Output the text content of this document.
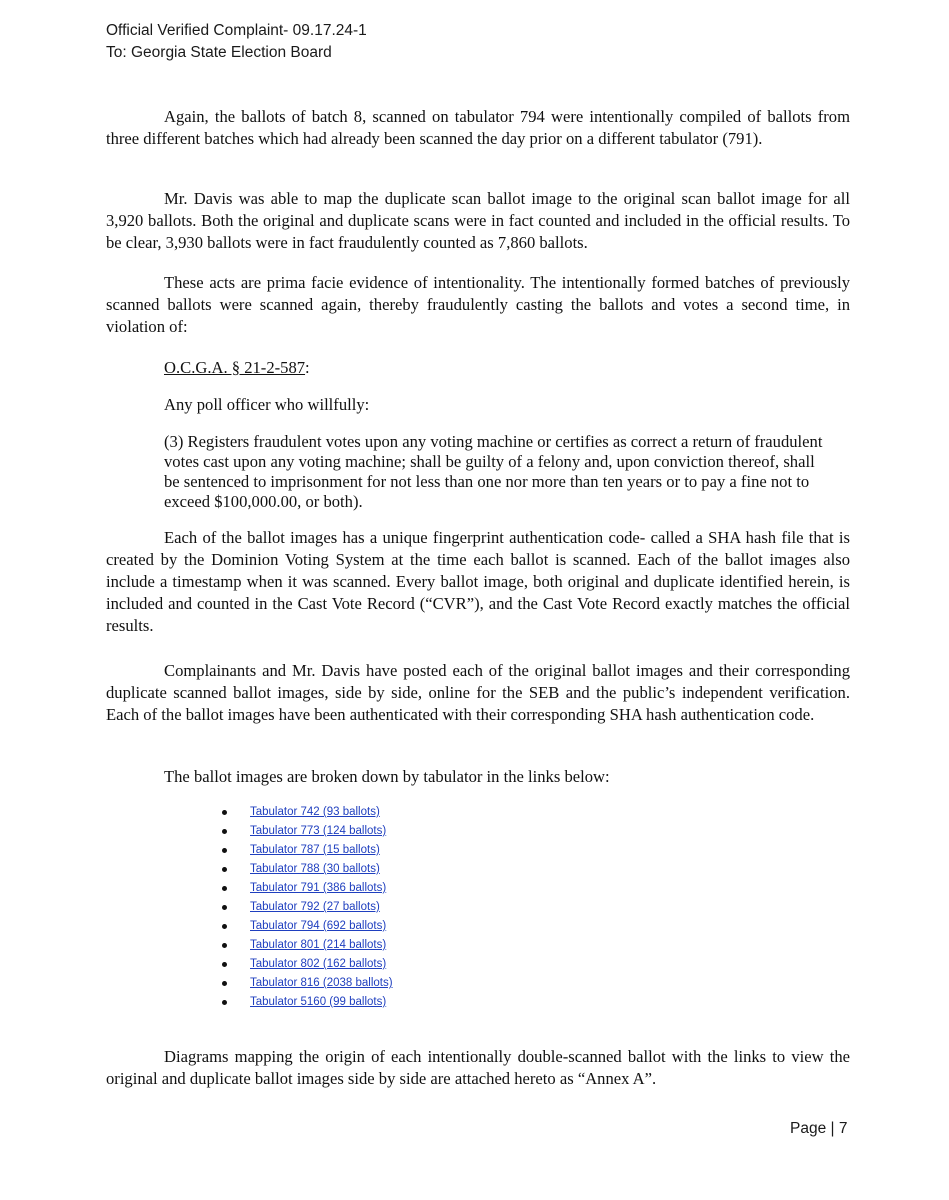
Official Verified Complaint- 09.17.24-1
To: Georgia State Election Board

Again, the ballots of batch 8, scanned on tabulator 794 were intentionally compiled of ballots from three different batches which had already been scanned the day prior on a different tabulator (791).

Mr. Davis was able to map the duplicate scan ballot image to the original scan ballot image for all 3,920 ballots. Both the original and duplicate scans were in fact counted and included in the official results. To be clear, 3,930 ballots were in fact fraudulently counted as 7,860 ballots.

These acts are prima facie evidence of intentionality. The intentionally formed batches of previously scanned ballots were scanned again, thereby fraudulently casting the ballots and votes a second time, in violation of:

O.C.G.A. § 21-2-587:

Any poll officer who willfully:

(3) Registers fraudulent votes upon any voting machine or certifies as correct a return of fraudulent votes cast upon any voting machine; shall be guilty of a felony and, upon conviction thereof, shall be sentenced to imprisonment for not less than one nor more than ten years or to pay a fine not to exceed $100,000.00, or both).

Each of the ballot images has a unique fingerprint authentication code- called a SHA hash file that is created by the Dominion Voting System at the time each ballot is scanned. Each of the ballot images also include a timestamp when it was scanned. Every ballot image, both original and duplicate identified herein, is included and counted in the Cast Vote Record (“CVR”), and the Cast Vote Record exactly matches the official results.

Complainants and Mr. Davis have posted each of the original ballot images and their corresponding duplicate scanned ballot images, side by side, online for the SEB and the public’s independent verification. Each of the ballot images have been authenticated with their corresponding SHA hash authentication code.

The ballot images are broken down by tabulator in the links below:

Tabulator 742 (93 ballots)
Tabulator 773 (124 ballots)
Tabulator 787 (15 ballots)
Tabulator 788 (30 ballots)
Tabulator 791 (386 ballots)
Tabulator 792 (27 ballots)
Tabulator 794 (692 ballots)
Tabulator 801 (214 ballots)
Tabulator 802 (162 ballots)
Tabulator 816 (2038 ballots)
Tabulator 5160 (99 ballots)

Diagrams mapping the origin of each intentionally double-scanned ballot with the links to view the original and duplicate ballot images side by side are attached hereto as “Annex A”.

Page | 7
